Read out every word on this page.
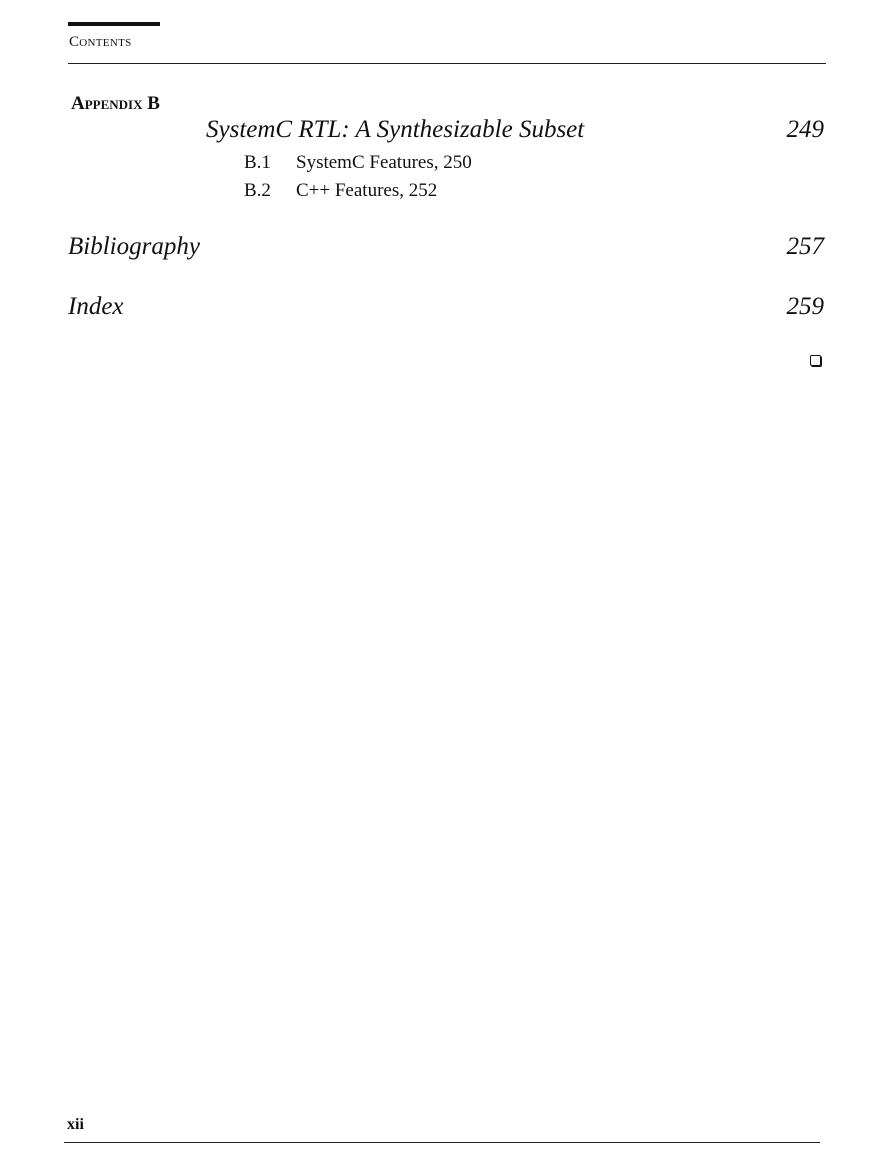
Contents
Appendix B
SystemC RTL: A Synthesizable Subset	249
B.1 SystemC Features, 250
B.2 C++ Features, 252
Bibliography	257
Index	259
xii
